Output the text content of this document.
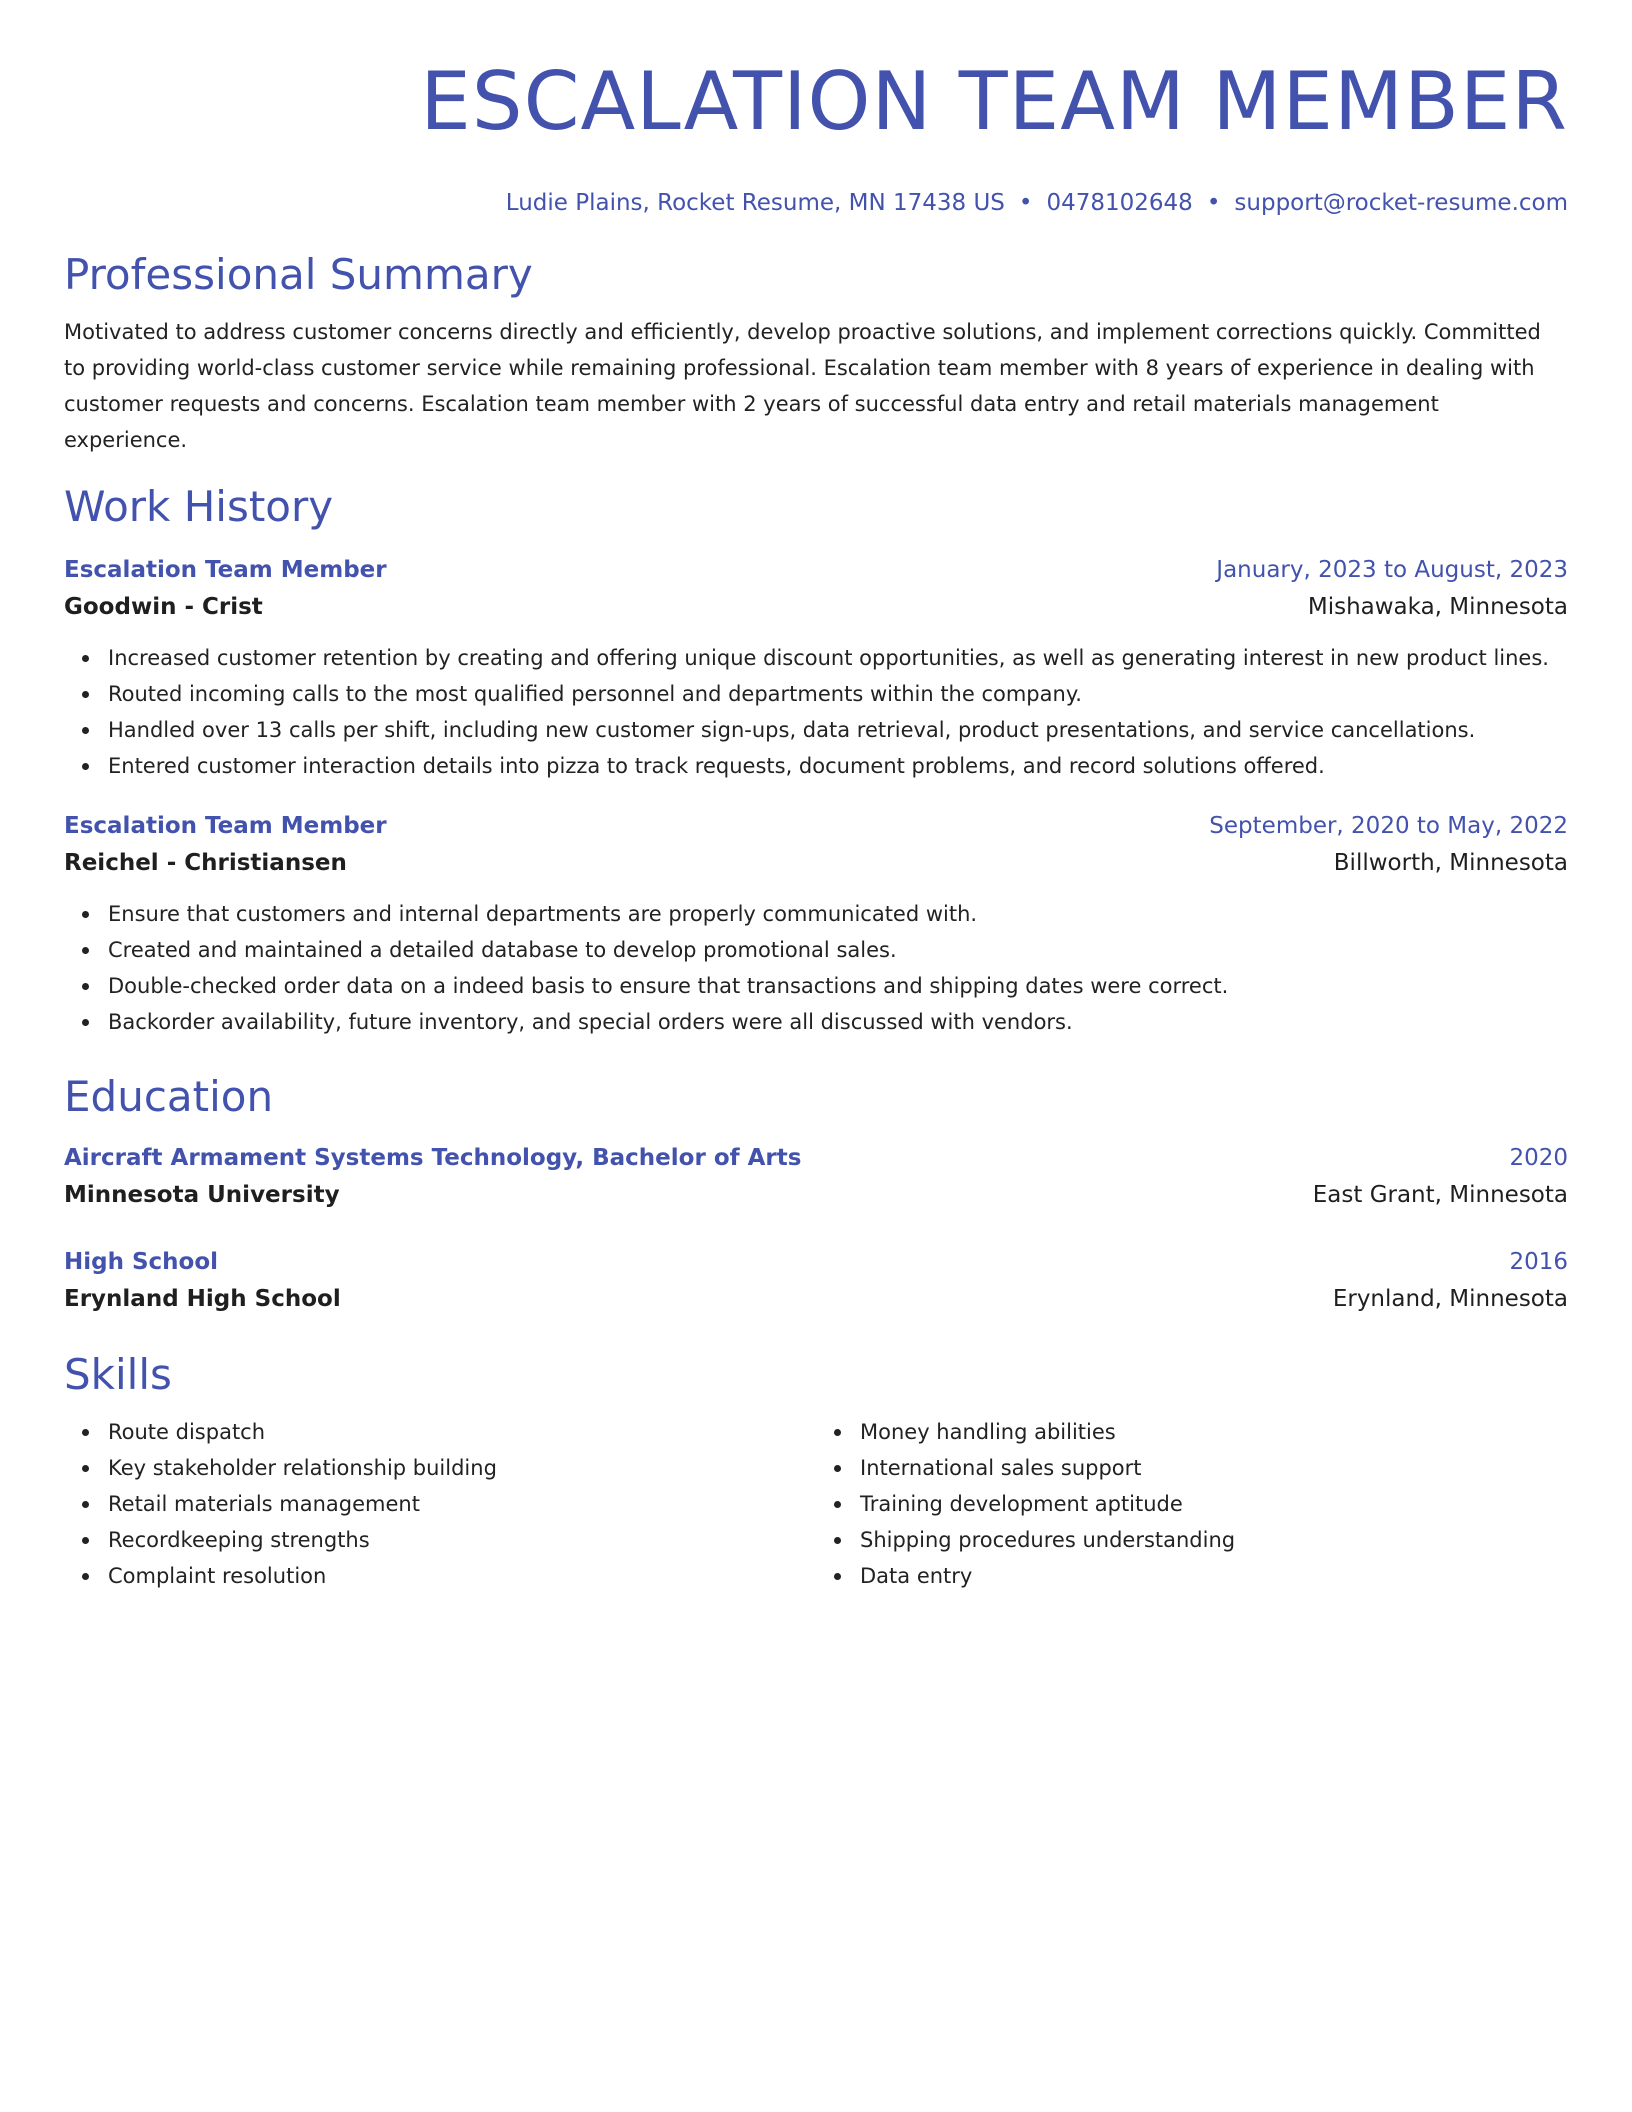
ESCALATION TEAM MEMBER
Ludie Plains, Rocket Resume, MN 17438 US • 0478102648 • support@rocket-resume.com
Professional Summary
Motivated to address customer concerns directly and efficiently, develop proactive solutions, and implement corrections quickly. Committed to providing world-class customer service while remaining professional. Escalation team member with 8 years of experience in dealing with customer requests and concerns. Escalation team member with 2 years of successful data entry and retail materials management experience.
Work History
Escalation Team Member	January, 2023 to August, 2023
Goodwin - Crist	Mishawaka, Minnesota
Increased customer retention by creating and offering unique discount opportunities, as well as generating interest in new product lines.
Routed incoming calls to the most qualified personnel and departments within the company.
Handled over 13 calls per shift, including new customer sign-ups, data retrieval, product presentations, and service cancellations.
Entered customer interaction details into pizza to track requests, document problems, and record solutions offered.
Escalation Team Member	September, 2020 to May, 2022
Reichel - Christiansen	Billworth, Minnesota
Ensure that customers and internal departments are properly communicated with.
Created and maintained a detailed database to develop promotional sales.
Double-checked order data on a indeed basis to ensure that transactions and shipping dates were correct.
Backorder availability, future inventory, and special orders were all discussed with vendors.
Education
Aircraft Armament Systems Technology, Bachelor of Arts	2020
Minnesota University	East Grant, Minnesota
High School	2016
Erynland High School	Erynland, Minnesota
Skills
Route dispatch
Key stakeholder relationship building
Retail materials management
Recordkeeping strengths
Complaint resolution
Money handling abilities
International sales support
Training development aptitude
Shipping procedures understanding
Data entry
